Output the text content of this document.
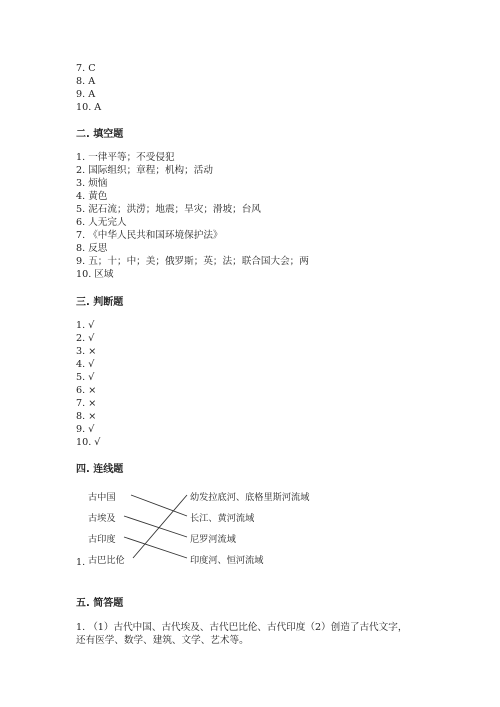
7. C
8. A
9. A
10. A
二. 填空题
1. 一律平等；不受侵犯
2. 国际组织；章程；机构；活动
3. 烦恼
4. 黄色
5. 泥石流；洪涝；地震；旱灾；滑坡；台风
6. 人无完人
7. 《中华人民共和国环境保护法》
8. 反思
9. 五；十；中；美；俄罗斯；英；法；联合国大会；两
10. 区域
三. 判断题
1. √
2. √
3. ×
4. √
5. √
6. ×
7. ×
8. ×
9. √
10. √
四. 连线题
古中国
古埃及
古印度
古巴比伦
幼发拉底河、底格里斯河流域
长江、黄河流域
尼罗河流域
印度河、恒河流域
1.
五. 简答题
1. （1）古代中国、古代埃及、古代巴比伦、古代印度（2）创造了古代文字，
还有医学、数学、建筑、文学、艺术等。
